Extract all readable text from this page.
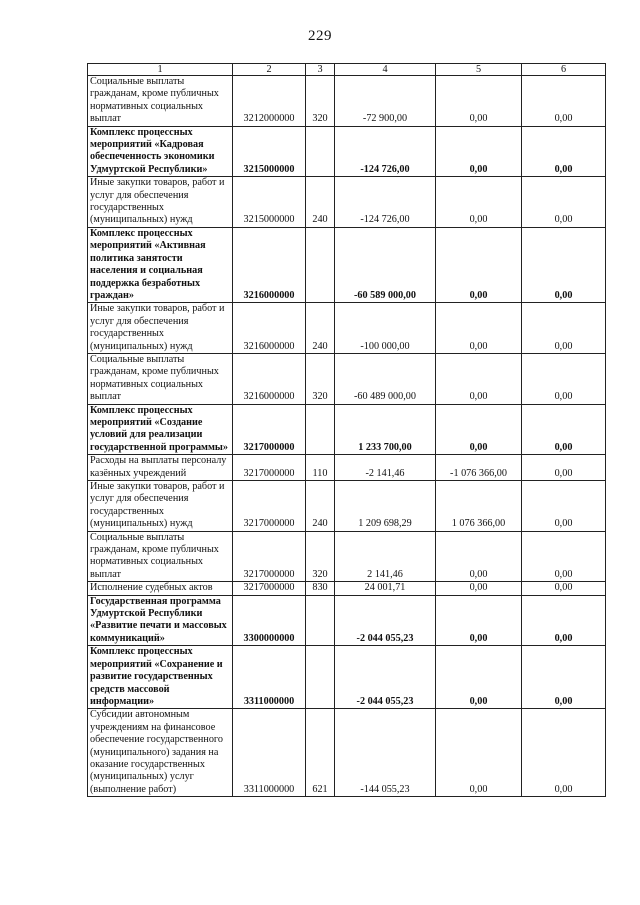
229
1	2	3	4	5	6
Социальные выплаты гражданам, кроме публичных нормативных социальных выплат	3212000000	320	-72 900,00	0,00	0,00
Комплекс процессных мероприятий «Кадровая обеспеченность экономики Удмуртской Республики»	3215000000		-124 726,00	0,00	0,00
Иные закупки товаров, работ и услуг для обеспечения государственных (муниципальных) нужд	3215000000	240	-124 726,00	0,00	0,00
Комплекс процессных мероприятий «Активная политика занятости населения и социальная поддержка безработных граждан»	3216000000		-60 589 000,00	0,00	0,00
Иные закупки товаров, работ и услуг для обеспечения государственных (муниципальных) нужд	3216000000	240	-100 000,00	0,00	0,00
Социальные выплаты гражданам, кроме публичных нормативных социальных выплат	3216000000	320	-60 489 000,00	0,00	0,00
Комплекс процессных мероприятий «Создание условий для реализации государственной программы»	3217000000		1 233 700,00	0,00	0,00
Расходы на выплаты персоналу казённых учреждений	3217000000	110	-2 141,46	-1 076 366,00	0,00
Иные закупки товаров, работ и услуг для обеспечения государственных (муниципальных) нужд	3217000000	240	1 209 698,29	1 076 366,00	0,00
Социальные выплаты гражданам, кроме публичных нормативных социальных выплат	3217000000	320	2 141,46	0,00	0,00
Исполнение судебных актов	3217000000	830	24 001,71	0,00	0,00
Государственная программа Удмуртской Республики «Развитие печати и массовых коммуникаций»	3300000000		-2 044 055,23	0,00	0,00
Комплекс процессных мероприятий «Сохранение и развитие государственных средств массовой информации»	3311000000		-2 044 055,23	0,00	0,00
Субсидии автономным учреждениям на финансовое обеспечение государственного (муниципального) задания на оказание государственных (муниципальных) услуг (выполнение работ)	3311000000	621	-144 055,23	0,00	0,00
